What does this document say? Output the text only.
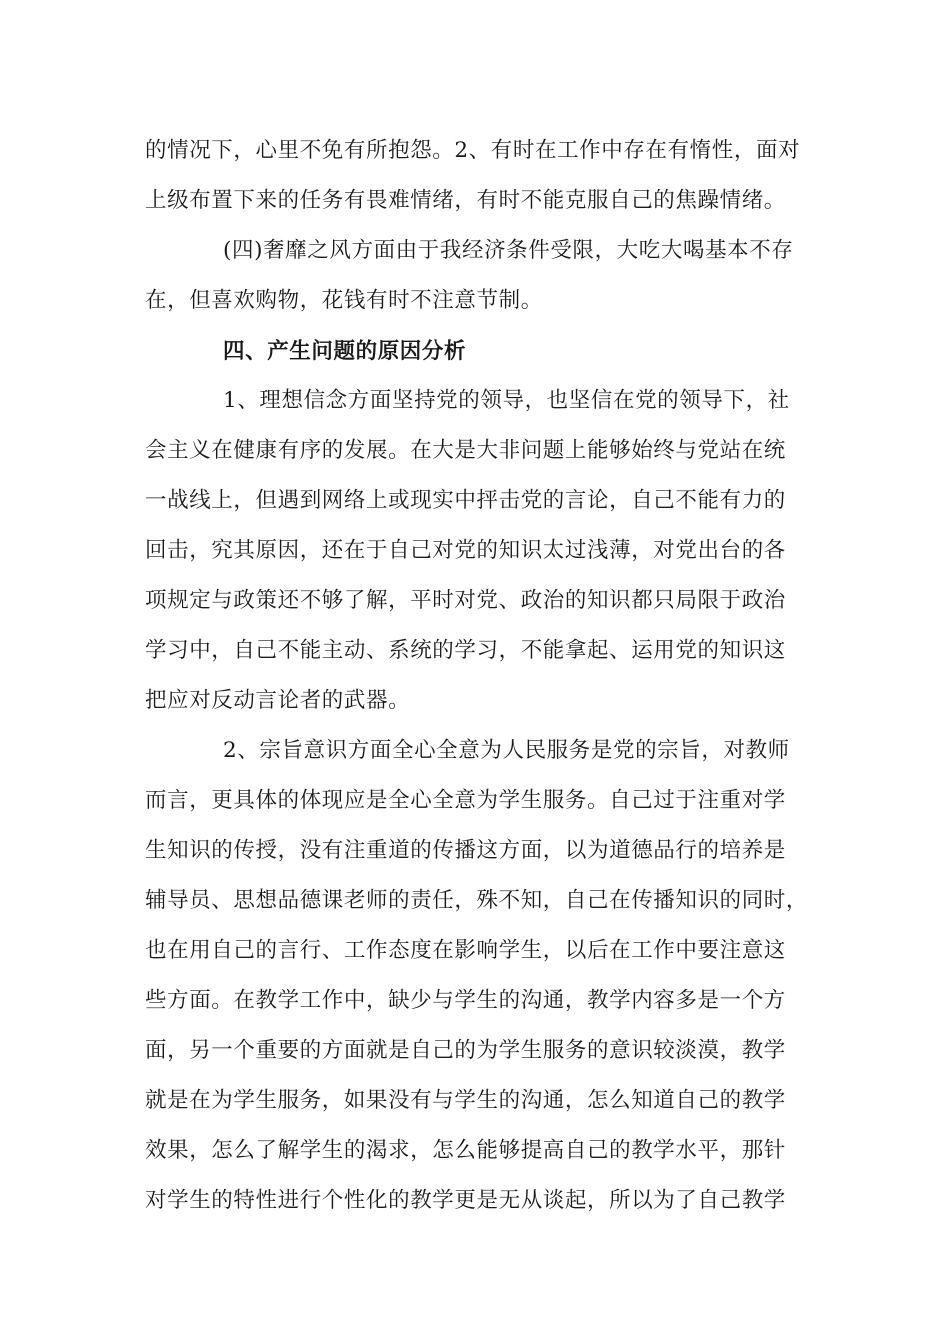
的情况下，心里不免有所抱怨。2、有时在工作中存在有惰性，面对
上级布置下来的任务有畏难情绪，有时不能克服自己的焦躁情绪。
(四)奢靡之风方面由于我经济条件受限，大吃大喝基本不存
在，但喜欢购物，花钱有时不注意节制。
四、产生问题的原因分析
1、理想信念方面坚持党的领导，也坚信在党的领导下，社
会主义在健康有序的发展。在大是大非问题上能够始终与党站在统
一战线上，但遇到网络上或现实中抨击党的言论，自己不能有力的
回击，究其原因，还在于自己对党的知识太过浅薄，对党出台的各
项规定与政策还不够了解，平时对党、政治的知识都只局限于政治
学习中，自己不能主动、系统的学习，不能拿起、运用党的知识这
把应对反动言论者的武器。
2、宗旨意识方面全心全意为人民服务是党的宗旨，对教师
而言，更具体的体现应是全心全意为学生服务。自己过于注重对学
生知识的传授，没有注重道的传播这方面，以为道德品行的培养是
辅导员、思想品德课老师的责任，殊不知，自己在传播知识的同时，
也在用自己的言行、工作态度在影响学生，以后在工作中要注意这
些方面。在教学工作中，缺少与学生的沟通，教学内容多是一个方
面，另一个重要的方面就是自己的为学生服务的意识较淡漠，教学
就是在为学生服务，如果没有与学生的沟通，怎么知道自己的教学
效果，怎么了解学生的渴求，怎么能够提高自己的教学水平，那针
对学生的特性进行个性化的教学更是无从谈起，所以为了自己教学
